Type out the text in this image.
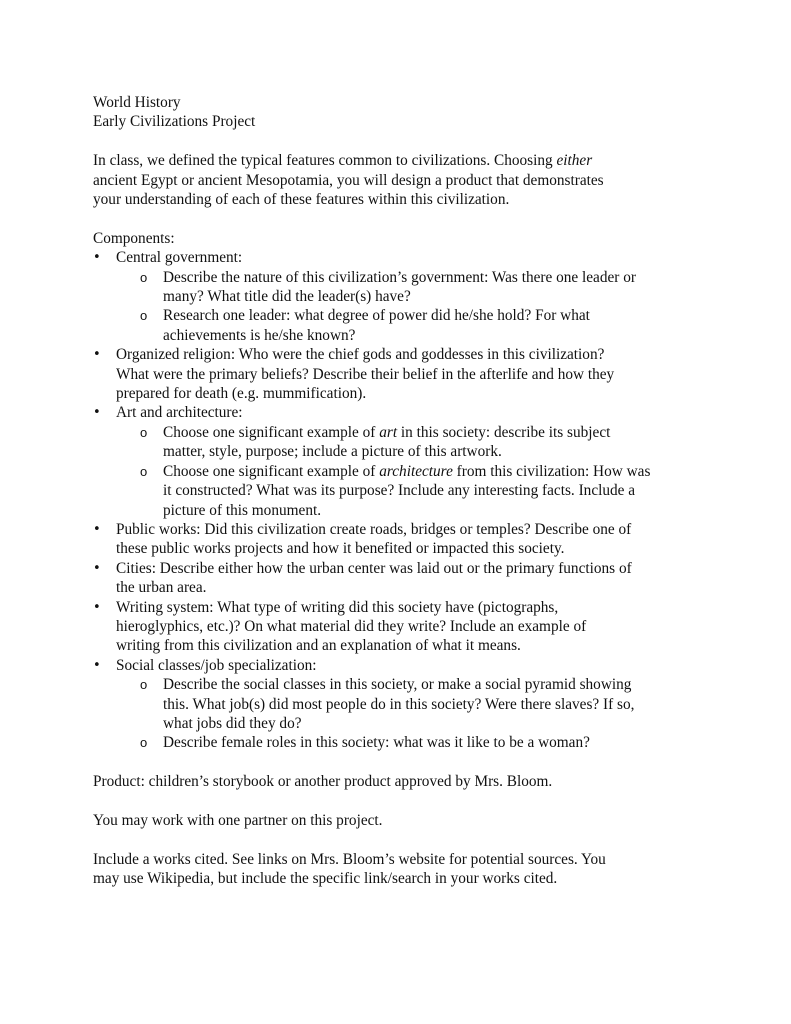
World History
Early Civilizations Project
In class, we defined the typical features common to civilizations. Choosing either
ancient Egypt or ancient Mesopotamia, you will design a product that demonstrates
your understanding of each of these features within this civilization.
Components:
•	Central government:
o Describe the nature of this civilization’s government: Was there one leader or
many? What title did the leader(s) have?
o Research one leader: what degree of power did he/she hold? For what
achievements is he/she known?
•	Organized religion: Who were the chief gods and goddesses in this civilization?
What were the primary beliefs? Describe their belief in the afterlife and how they
prepared for death (e.g. mummification).
•	Art and architecture:
o Choose one significant example of art in this society: describe its subject
matter, style, purpose; include a picture of this artwork.
o Choose one significant example of architecture from this civilization: How was
it constructed? What was its purpose? Include any interesting facts. Include a
picture of this monument.
•	Public works: Did this civilization create roads, bridges or temples? Describe one of
these public works projects and how it benefited or impacted this society.
•	Cities: Describe either how the urban center was laid out or the primary functions of
the urban area.
•	Writing system: What type of writing did this society have (pictographs,
hieroglyphics, etc.)? On what material did they write? Include an example of
writing from this civilization and an explanation of what it means.
•	Social classes/job specialization:
o Describe the social classes in this society, or make a social pyramid showing
this. What job(s) did most people do in this society? Were there slaves? If so,
what jobs did they do?
o Describe female roles in this society: what was it like to be a woman?
Product: children’s storybook or another product approved by Mrs. Bloom.
You may work with one partner on this project.
Include a works cited. See links on Mrs. Bloom’s website for potential sources. You
may use Wikipedia, but include the specific link/search in your works cited.
